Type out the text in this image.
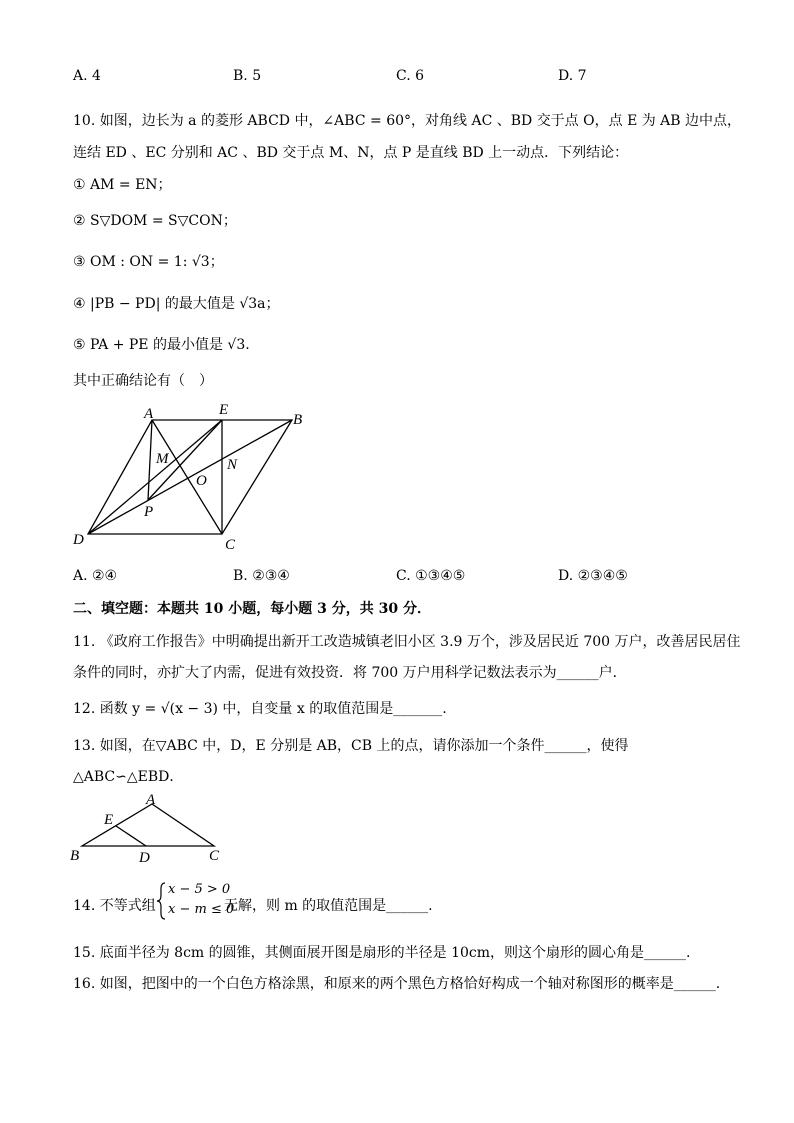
A. 4	B. 5	C. 6	D. 7
10. 如图，边长为 a 的菱形 ABCD 中，∠ABC = 60°，对角线 AC 、BD 交于点 O，点 E 为 AB 边中点，
连结 ED 、EC 分别和 AC 、BD 交于点 M、N，点 P 是直线 BD 上一动点．下列结论：
① AM = EN；
② S▽DOM = S▽CON；
③ OM : ON = 1: √3；
④ |PB − PD| 的最大值是 √3a；
⑤ PA + PE 的最小值是 √3.
其中正确结论有（　）
A	E
B
M	N
O
P
D	C
A. ②④	B. ②③④	C. ①③④⑤	D. ②③④⑤
二、填空题：本题共 10 小题，每小题 3 分，共 30 分．
11. 《政府工作报告》中明确提出新开工改造城镇老旧小区 3.9 万个，涉及居民近 700 万户，改善居民居住
条件的同时，亦扩大了内需，促进有效投资．将 700 万户用科学记数法表示为______户．
12. 函数 y = √(x − 3) 中，自变量 x 的取值范围是_______.
13. 如图，在▽ABC 中，D，E 分别是 AB，CB 上的点，请你添加一个条件______，使得
△ABC∽△EBD．
A
E
B	D	C
14. 不等式组
x − 5 > 0
x − m ≤ 0
无解，则 m 的取值范围是______.
15. 底面半径为 8cm 的圆锥，其侧面展开图是扇形的半径是 10cm，则这个扇形的圆心角是______.
16. 如图，把图中的一个白色方格涂黑，和原来的两个黑色方格恰好构成一个轴对称图形的概率是______.
